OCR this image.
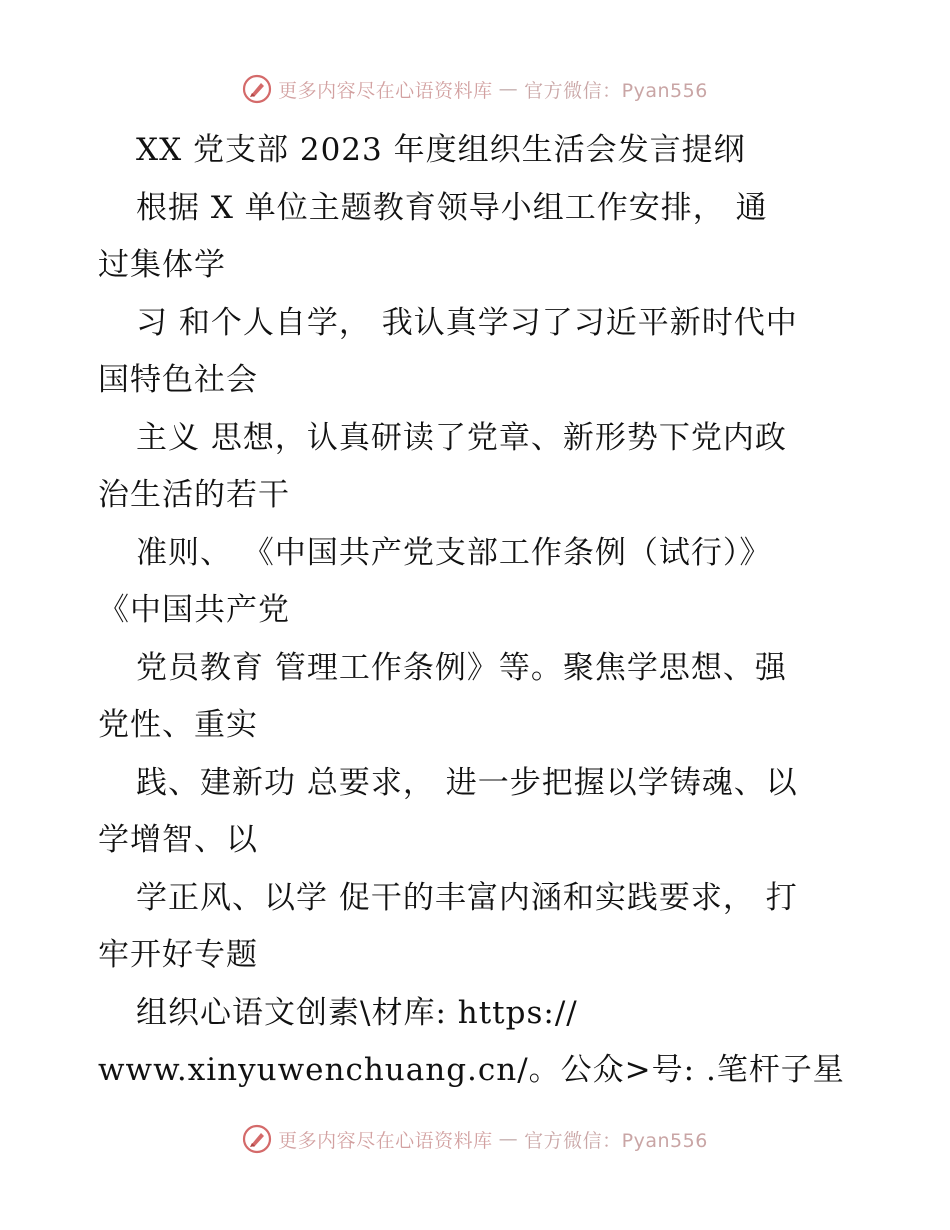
更多内容尽在心语资料库 — 官方微信：Pyan556
XX 党支部 2023 年度组织生活会发言提纲
根据 X 单位主题教育领导小组工作安排， 通
过集体学
习 和个人自学， 我认真学习了习近平新时代中
国特色社会
主义 思想，认真研读了党章、新形势下党内政
治生活的若干
准则、 《中国共产党支部工作条例（试行）》
《中国共产党
党员教育 管理工作条例》等。聚焦学思想、强
党性、重实
践、建新功 总要求， 进一步把握以学铸魂、以
学增智、以
学正风、以学 促干的丰富内涵和实践要求， 打
牢开好专题
组织心语文创素\材库: https://
www.xinyuwenchuang.cn/。公众>号: .笔杆子星
更多内容尽在心语资料库 — 官方微信：Pyan556
